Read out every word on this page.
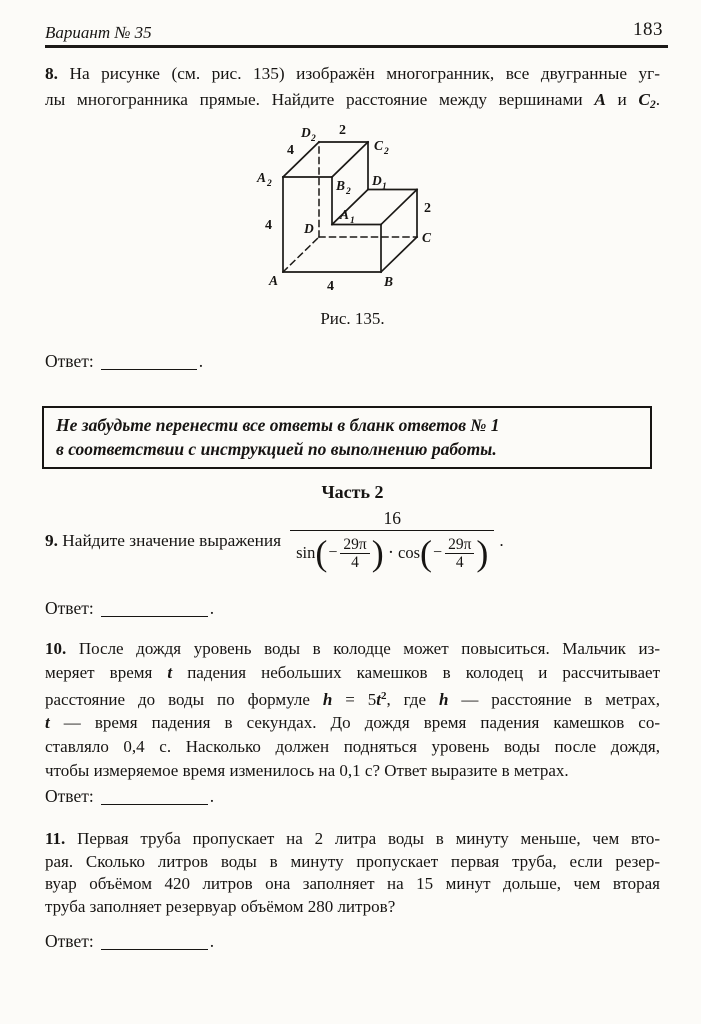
Вариант № 35	183
8. На рисунке (см. рис. 135) изображён многогранник, все двугранные уг-
лы многогранника прямые. Найдите расстояние между вершинами A и C2.
A	B
C
D
A 2	B 2
C 2
D 2
D 1
A 1
2
4
4
4
2
Рис. 135.
Ответ:	.
Не забудьте перенести все ответы в бланк ответов № 1
в соответствии с инструкцией по выполнению работы.
Часть 2
9. Найдите значение выражения $\frac{16}{\sin ( - \frac{29\pi}{4} ) \cdot \cos ( - \frac{29\pi}{4} )}$ .
Ответ:	.
10. После дождя уровень воды в колодце может повыситься. Мальчик из-
меряет время t падения небольших камешков в колодец и рассчитывает
расстояние до воды по формуле $h = 5t^2$, где h — расстояние в метрах,
t — время падения в секундах. До дождя время падения камешков со-
ставляло 0,4 с. Насколько должен подняться уровень воды после дождя,
чтобы измеряемое время изменилось на 0,1 с? Ответ выразите в метрах.
Ответ:	.
11. Первая труба пропускает на 2 литра воды в минуту меньше, чем вто-
рая. Сколько литров воды в минуту пропускает первая труба, если резер-
вуар объёмом 420 литров она заполняет на 15 минут дольше, чем вторая
труба заполняет резервуар объёмом 280 литров?
Ответ:	.
